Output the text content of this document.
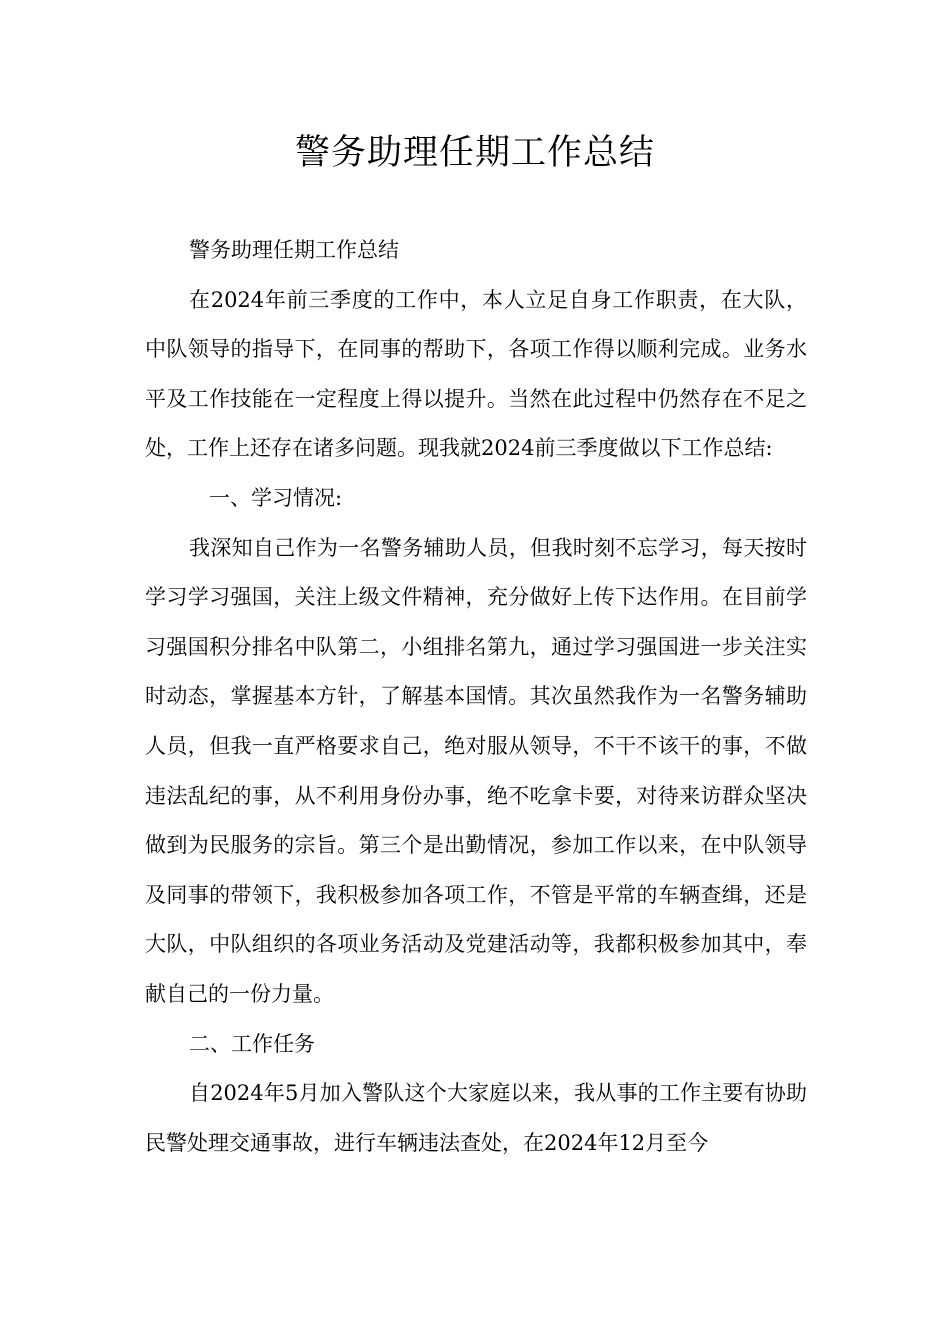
警务助理任期工作总结

警务助理任期工作总结

在2024年前三季度的工作中，本人立足自身工作职责，在大队，中队领导的指导下，在同事的帮助下，各项工作得以顺利完成。业务水平及工作技能在一定程度上得以提升。当然在此过程中仍然存在不足之处，工作上还存在诸多问题。现我就2024前三季度做以下工作总结:

一、学习情况:

我深知自己作为一名警务辅助人员，但我时刻不忘学习，每天按时学习学习强国，关注上级文件精神，充分做好上传下达作用。在目前学习强国积分排名中队第二，小组排名第九，通过学习强国进一步关注实时动态，掌握基本方针，了解基本国情。其次虽然我作为一名警务辅助人员，但我一直严格要求自己，绝对服从领导，不干不该干的事，不做违法乱纪的事，从不利用身份办事，绝不吃拿卡要，对待来访群众坚决做到为民服务的宗旨。第三个是出勤情况，参加工作以来，在中队领导及同事的带领下，我积极参加各项工作，不管是平常的车辆查缉，还是大队，中队组织的各项业务活动及党建活动等，我都积极参加其中，奉献自己的一份力量。

二、工作任务

自2024年5月加入警队这个大家庭以来，我从事的工作主要有协助民警处理交通事故，进行车辆违法查处，在2024年12月至今
